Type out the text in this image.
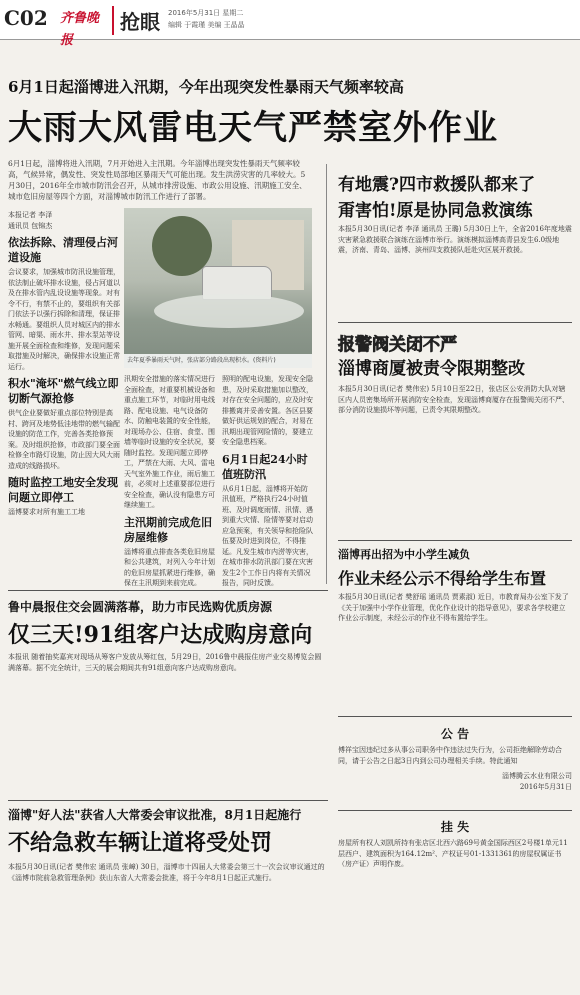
C02 齐鲁晚报
抢眼 2016年5月31日 星期二
编辑 于霞瑾 美编 王晶晶
6月1日起淄博进入汛期，今年出现突发性暴雨天气频率较高
大雨大风雷电天气严禁室外作业
6月1日起，淄博将进入汛期，7月开始进入主汛期。今年淄博出现突发性暴雨天气频率较高，气候异常，偶发性、突发性局部地区暴雨天气可能出现。发生洪涝灾害的几率较大。5月30日，2016年全市城市防汛会召开，从城市排涝设施、市政公用设施、汛期施工安全、城市危旧房屋等四个方面，对淄博城市防汛工作进行了部署。
本报记者 李泽
通讯员 包锦杰
依法拆除、清理侵占河道设施
会议要求，加强城市防汛设施管理，依法制止破坏排水设施，侵占河道以及在排水管内乱设设施等现象。对有令不行，有禁不止的，要组织有关部门依法予以强行拆除和清理，保证排水畅通。要组织人员对城区内的排水管网、暗渠、雨水井、排水泵站等设施开展全面检查和维修，发现问题采取措施及时解决，确保排水设施正常运行。
积水"淹坏"燃气线立即切断气源抢修
供气企业要做好重点部位特别是高村、跨河及地势低洼地带的燃气输配设施的防范工作，完善各类抢修预案。及时组织抢修，市政部门要全面检修全市路灯设施，防止因大风大雨造成的线路损坏。
随时监控工地安全发现问题立即停工
淄博要求对所有施工工地
去年夏季暴雨天气时，张店部分路段出现积水。(资料片)
汛期安全措施的落实情况进行全面检查，对重要机械设备和重点施工环节，对临时用电线路、配电设施、电气设备防水、防触电装置的安全性能，对现场办公、住宿、食堂、围墙等临时设施的安全状况，要随时监控。发现问题立即停工，严禁在大雨、大风、雷电天气室外施工作业，雨后施工前，必须对上述重要部位进行安全检查，确认没有隐患方可继续施工。
主汛期前完成危旧房屋维修
淄博将重点排查各类危旧房屋和公共建筑，对列入今年计划的危旧房屋抓紧进行维修，确保在主汛期到来前完成。
照明的配电设施，发现安全隐患，及时采取措施加以整改，对存在安全问题的，应及时安排搬离并妥善安置。各区县要做好供运规划的配合，对易在汛期出现管网险情的，要建立安全隐患档案。
6月1日起24小时值班防汛
从6月1日起，淄博将开始防汛值班，严格执行24小时值班、及时调度雨情、汛情、遇到重大灾情、险情等要对启动应急预案，有关领导和抢险队伍要及时进到岗位，不得推延。凡发生城市内涝等灾害，在城市排水防汛部门要在灾害发生2个工作日内将有关情况报告，同时反馈。
有地震?四市救援队都来了
甭害怕!原是协同急救演练
本报5月30日讯(记者 李泽 通讯员 王璐) 5月30日上午，全省2016年度地震灾害紧急救援联合演练在淄博市举行。演练模拟淄博高青县发生6.0级地震，济南、青岛、淄博、滨州四支救援队赶赴灾区展开救援。
报警阀关闭不严
淄博商厦被责令限期整改
本报5月30日讯(记者 樊伟宏) 5月10日至22日，张店区公安消防大队对辖区内人员密集场所开展消防安全检查，发现淄博商厦存在报警阀关闭不严、部分消防设施损坏等问题，已责令其限期整改。
淄博再出招为中小学生减负
作业未经公示不得给学生布置
本报5月30日讯(记者 樊舒瑶 通讯员 贾素淑) 近日，市教育局办公室下发了《关于加强中小学作业管理，优化作业设计的指导意见》，要求各学校建立作业公示制度，未经公示的作业不得布置给学生。
鲁中晨报住交会圆满落幕，助力市民选购优质房源
仅三天!91组客户达成购房意向
本报讯 随着抽奖嘉宾对现场从筹客户发放从筹红包，5月29日，2016鲁中晨报住房产业交易博览会圆满落幕。据不完全统计，三天的展会期间共有91组意向客户达成购房意向。
淄博"好人法"获省人大常委会审议批准，8月1日起施行
不给急救车辆让道将受处罚
本报5月30日讯(记者 樊伟宏 通讯员 张嶂) 30日，淄博市十四届人大常委会第三十一次会议审议通过的《淄博市院前急救管理条例》获山东省人大常委会批准，将于今年8月1日起正式施行。
公 告
傅祥宝因违纪过多从事公司职务中作违法过失行为，公司拒绝解除劳动合同，请于公告之日起3日内到公司办理相关手续。特此通知
淄博腾云水业有限公司
2016年5月31日
挂 失
房屋所有权人刘凯所持有张店区北西六路69号黄金国际西区2号楼1单元11层西户、建筑面积为164.12m²、产权证号01-1331361的房屋权属证书（房产证）声明作废。
